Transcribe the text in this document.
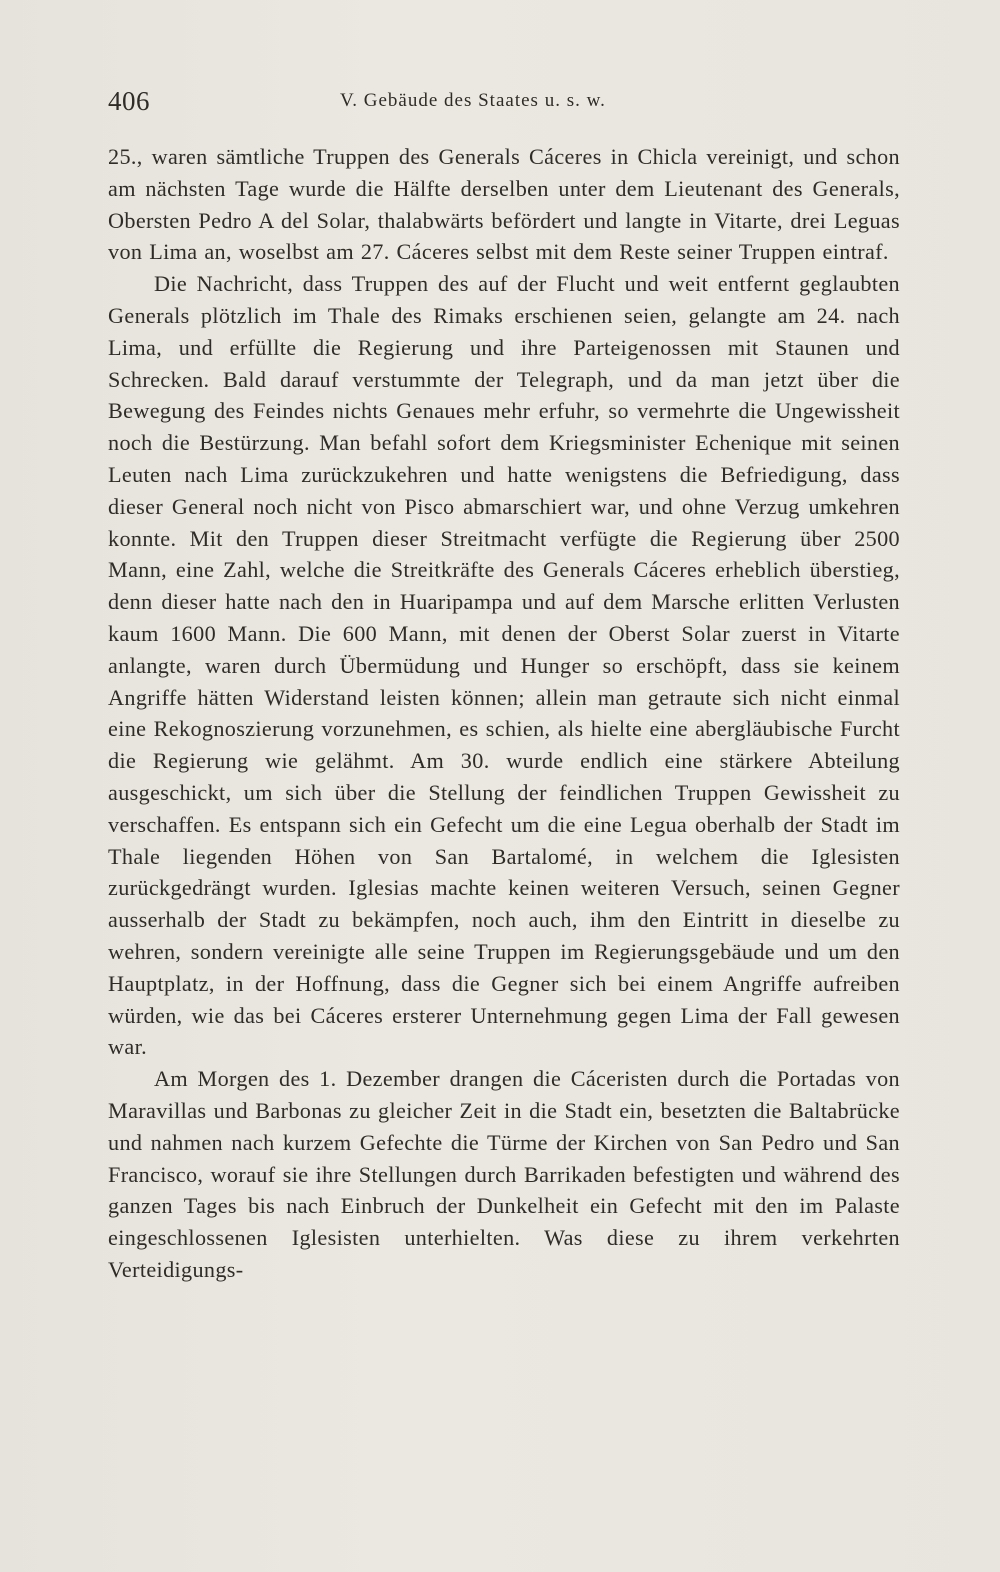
406	V. Gebäude des Staates u. s. w.

25., waren sämtliche Truppen des Generals Cáceres in Chicla vereinigt, und schon am nächsten Tage wurde die Hälfte derselben unter dem Lieutenant des Generals, Obersten Pedro A del Solar, thalabwärts befördert und langte in Vitarte, drei Leguas von Lima an, woselbst am 27. Cáceres selbst mit dem Reste seiner Truppen eintraf.

Die Nachricht, dass Truppen des auf der Flucht und weit entfernt geglaubten Generals plötzlich im Thale des Rimaks erschienen seien, gelangte am 24. nach Lima, und erfüllte die Regierung und ihre Parteigenossen mit Staunen und Schrecken. Bald darauf verstummte der Telegraph, und da man jetzt über die Bewegung des Feindes nichts Genaues mehr erfuhr, so vermehrte die Ungewissheit noch die Bestürzung. Man befahl sofort dem Kriegsminister Echenique mit seinen Leuten nach Lima zurückzukehren und hatte wenigstens die Befriedigung, dass dieser General noch nicht von Pisco abmarschiert war, und ohne Verzug umkehren konnte. Mit den Truppen dieser Streitmacht verfügte die Regierung über 2500 Mann, eine Zahl, welche die Streitkräfte des Generals Cáceres erheblich überstieg, denn dieser hatte nach den in Huaripampa und auf dem Marsche erlitten Verlusten kaum 1600 Mann. Die 600 Mann, mit denen der Oberst Solar zuerst in Vitarte anlangte, waren durch Übermüdung und Hunger so erschöpft, dass sie keinem Angriffe hätten Widerstand leisten können; allein man getraute sich nicht einmal eine Rekognoszierung vorzunehmen, es schien, als hielte eine abergläubische Furcht die Regierung wie gelähmt. Am 30. wurde endlich eine stärkere Abteilung ausgeschickt, um sich über die Stellung der feindlichen Truppen Gewissheit zu verschaffen. Es entspann sich ein Gefecht um die eine Legua oberhalb der Stadt im Thale liegenden Höhen von San Bartalomé, in welchem die Iglesisten zurückgedrängt wurden. Iglesias machte keinen weiteren Versuch, seinen Gegner ausserhalb der Stadt zu bekämpfen, noch auch, ihm den Eintritt in dieselbe zu wehren, sondern vereinigte alle seine Truppen im Regierungsgebäude und um den Hauptplatz, in der Hoffnung, dass die Gegner sich bei einem Angriffe aufreiben würden, wie das bei Cáceres ersterer Unternehmung gegen Lima der Fall gewesen war.

Am Morgen des 1. Dezember drangen die Cáceristen durch die Portadas von Maravillas und Barbonas zu gleicher Zeit in die Stadt ein, besetzten die Baltabrücke und nahmen nach kurzem Gefechte die Türme der Kirchen von San Pedro und San Francisco, worauf sie ihre Stellungen durch Barrikaden befestigten und während des ganzen Tages bis nach Einbruch der Dunkelheit ein Gefecht mit den im Palaste eingeschlossenen Iglesisten unterhielten. Was diese zu ihrem verkehrten Verteidigungs-
